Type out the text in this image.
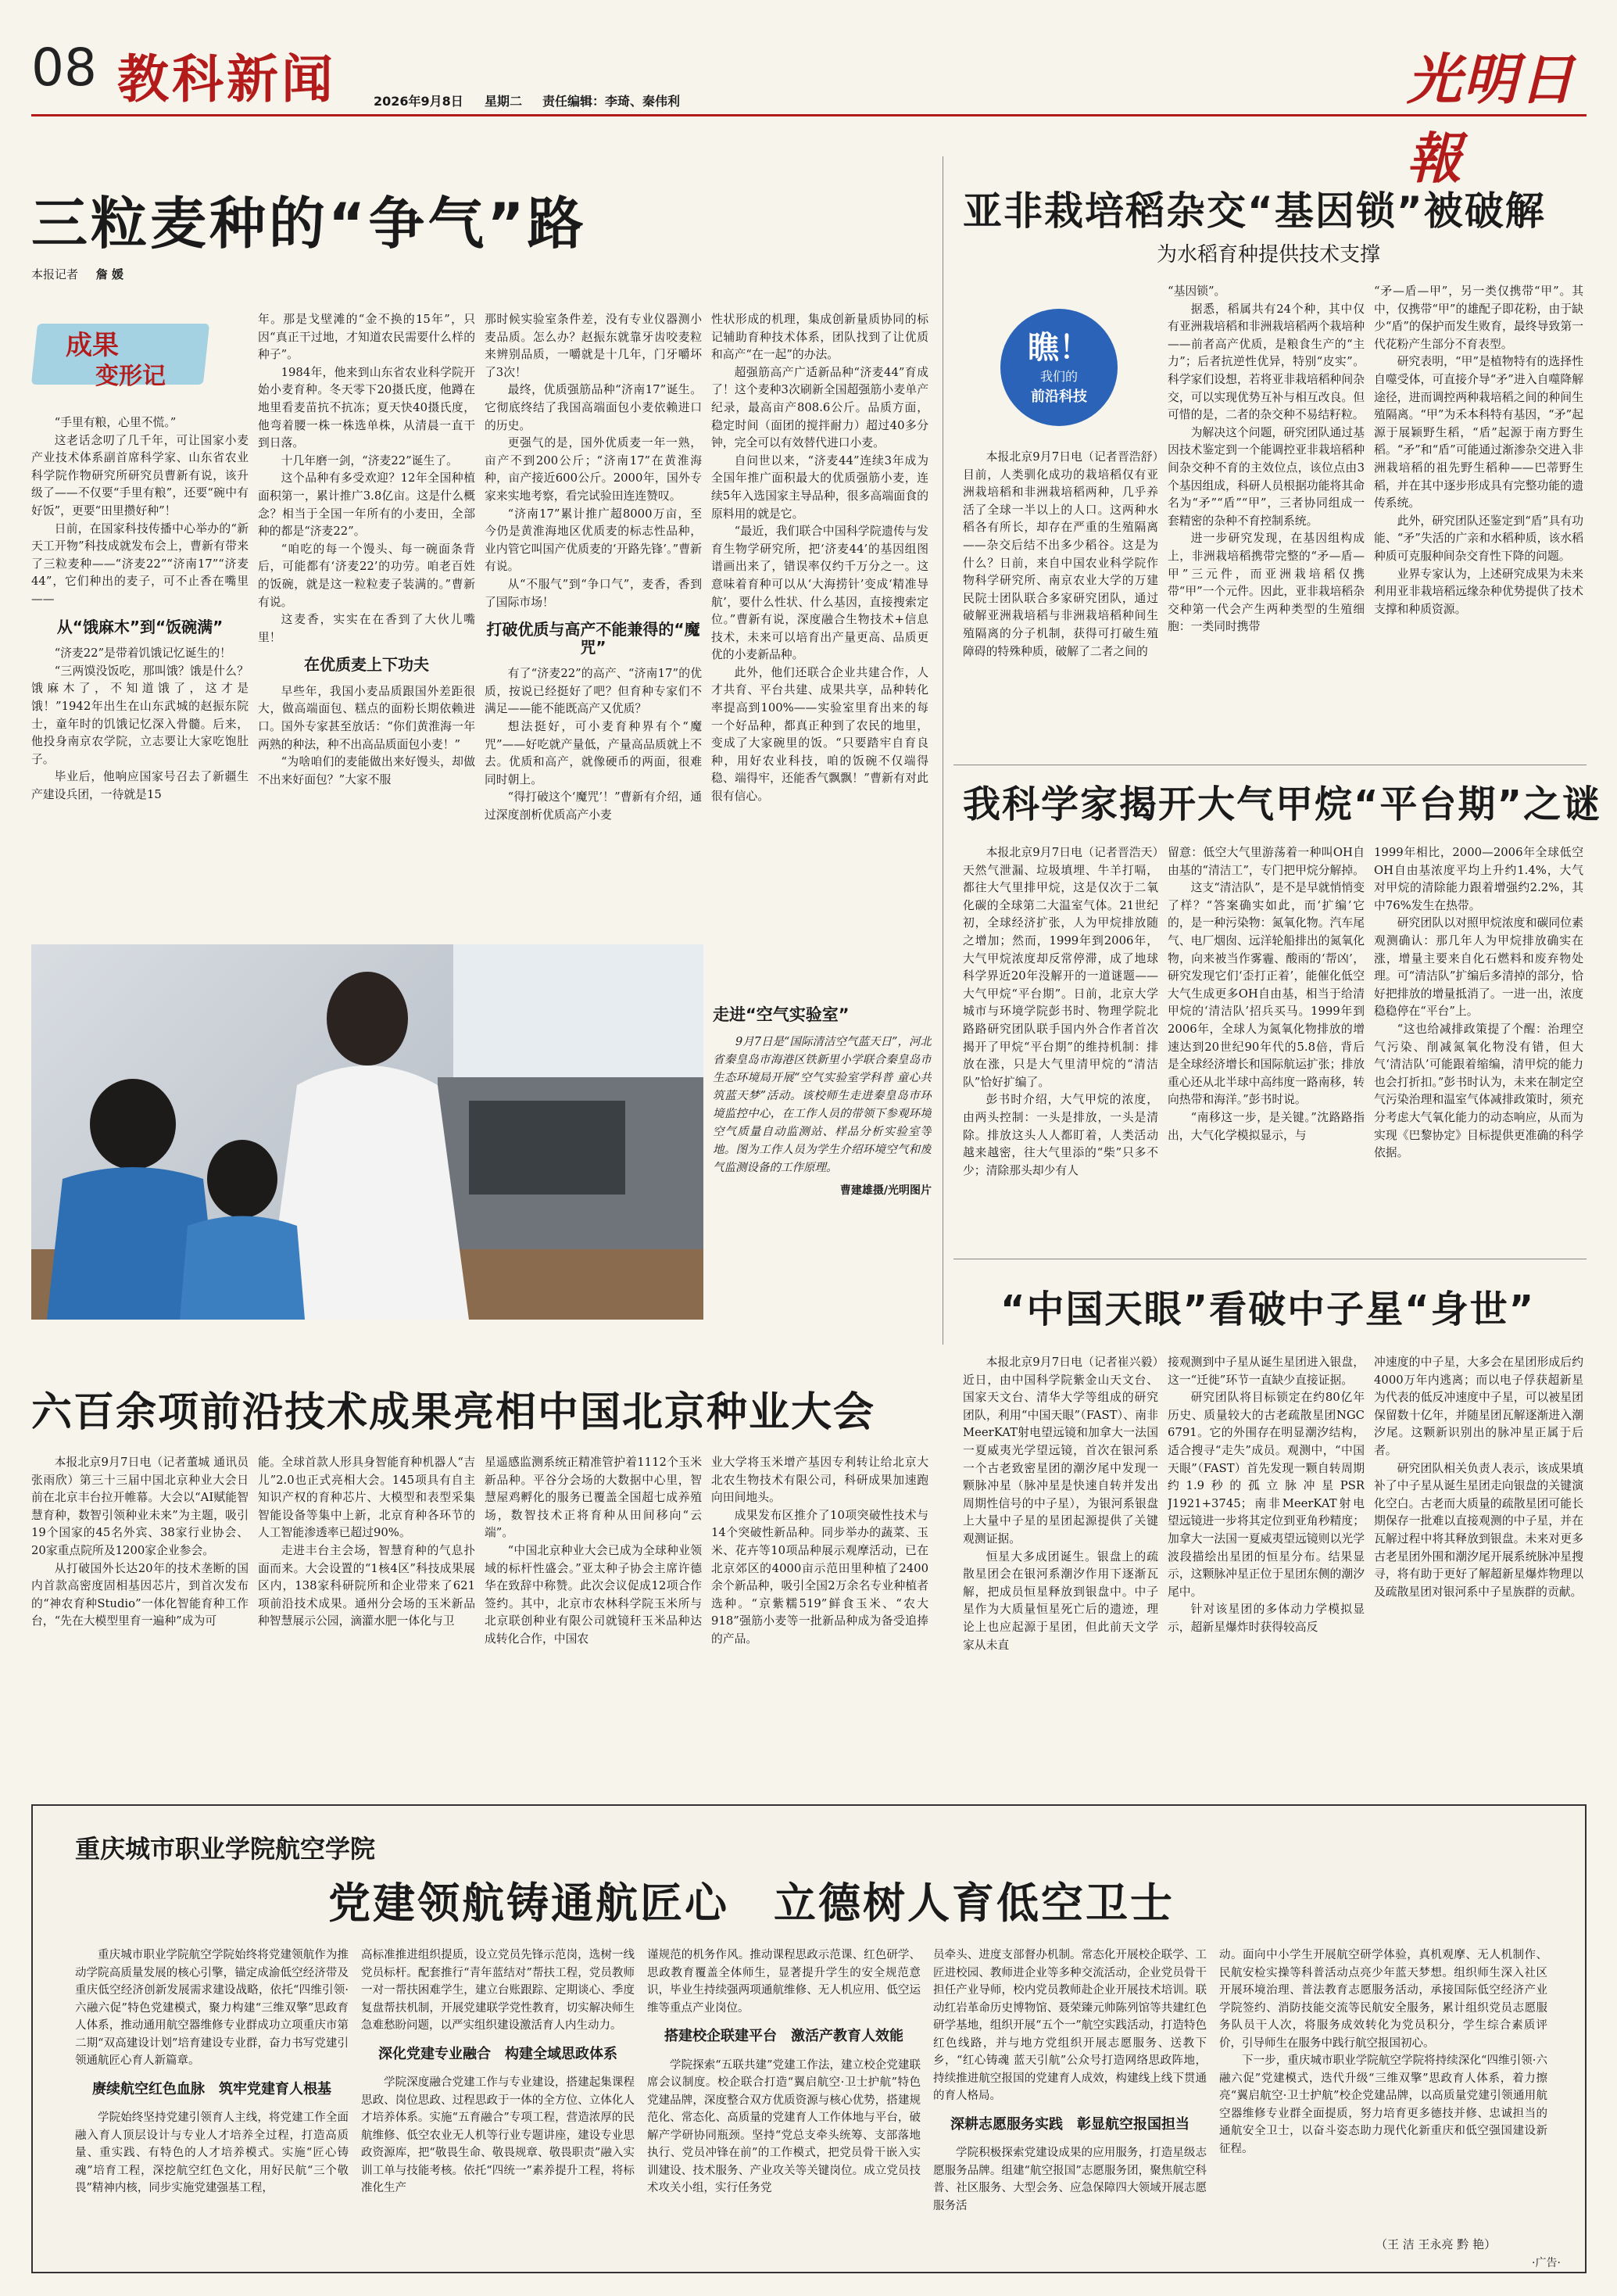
08 教科新闻	2026年9月8日 星期二 责任编辑：李琦、秦伟利	光明日報
三粒麦种的“争气”路
本报记者 詹 媛
成果
变形记

“手里有粮，心里不慌。”

这老话念叨了几千年，可让国家小麦产业技术体系副首席科学家、山东省农业科学院作物研究所研究员曹新有说，该升级了——不仅要“手里有粮”，还要“碗中有好饭”，更要“田里攒好种”！

日前，在国家科技传播中心举办的“新天工开物”科技成就发布会上，曹新有带来了三粒麦种——“济麦22”“济南17”“济麦44”，它们种出的麦子，可不止香在嘴里——

从“饿麻木”到“饭碗满”

“济麦22”是带着饥饿记忆诞生的！

“三两馍没饭吃，那叫饿？饿是什么？饿麻木了，不知道饿了，这才是饿！”1942年出生在山东武城的赵振东院士，童年时的饥饿记忆深入骨髓。后来，他投身南京农学院，立志要让大家吃饱肚子。

毕业后，他响应国家号召去了新疆生产建设兵团，一待就是15

年。那是戈壁滩的“金不换的15年”，只因“真正干过地，才知道农民需要什么样的种子”。

1984年，他来到山东省农业科学院开始小麦育种。冬天零下20摄氏度，他蹲在地里看麦苗抗不抗冻；夏天快40摄氏度，他弯着腰一株一株选单株，从清晨一直干到日落。

十几年磨一剑，“济麦22”诞生了。

这个品种有多受欢迎？12年全国种植面积第一，累计推广3.8亿亩。这是什么概念？相当于全国一年所有的小麦田，全部种的都是“济麦22”。

“咱吃的每一个馒头、每一碗面条背后，可能都有‘济麦22’的功劳。咱老百姓的饭碗，就是这一粒粒麦子装满的。”曹新有说。

这麦香，实实在在香到了大伙儿嘴里！

在优质麦上下功夫

早些年，我国小麦品质跟国外差距很大，做高端面包、糕点的面粉长期依赖进口。国外专家甚至放话：“你们黄淮海一年两熟的种法，种不出高品质面包小麦！”

“为啥咱们的麦能做出来好馒头，却做不出来好面包？”大家不服

那时候实验室条件差，没有专业仪器测小麦品质。怎么办？赵振东就靠牙齿咬麦粒来辨别品质，一嚼就是十几年，门牙嚼坏了3次！

最终，优质强筋品种“济南17”诞生。它彻底终结了我国高端面包小麦依赖进口的历史。

更强气的是，国外优质麦一年一熟，亩产不到200公斤；“济南17”在黄淮海种，亩产接近600公斤。2000年，国外专家来实地考察，看完试验田连连赞叹。

“济南17”累计推广超8000万亩，至今仍是黄淮海地区优质麦的标志性品种，业内管它叫国产优质麦的‘开路先锋’。”曹新有说。

从“不服气”到“争口气”，麦香，香到了国际市场！

打破优质与高产不能兼得的“魔咒”

有了“济麦22”的高产、“济南17”的优质，按说已经挺好了吧？但育种专家们不满足——能不能既高产又优质？

想法挺好，可小麦育种界有个“魔咒”——好吃就产量低，产量高品质就上不去。优质和高产，就像硬币的两面，很难同时朝上。

“得打破这个‘魔咒’！”曹新有介绍，通过深度剖析优质高产小麦

性状形成的机理，集成创新量质协同的标记辅助育种技术体系，团队找到了让优质和高产“在一起”的办法。

超强筋高产广适新品种“济麦44”育成了！这个麦种3次刷新全国超强筋小麦单产纪录，最高亩产808.6公斤。品质方面，稳定时间（面团的搅拌耐力）超过40多分钟，完全可以有效替代进口小麦。

自问世以来，“济麦44”连续3年成为全国年推广面积最大的优质强筋小麦，连续5年入选国家主导品种，很多高端面食的原料用的就是它。

“最近，我们联合中国科学院遗传与发育生物学研究所，把‘济麦44’的基因组图谱画出来了，错误率仅约千万分之一。这意味着育种可以从‘大海捞针’变成‘精准导航’，要什么性状、什么基因，直接搜索定位。”曹新有说，深度融合生物技术+信息技术，未来可以培育出产量更高、品质更优的小麦新品种。

此外，他们还联合企业共建合作，人才共育、平台共建、成果共享，品种转化率提高到100%——实验室里育出来的每一个好品种，都真正种到了农民的地里，变成了大家碗里的饭。“只要踏牢自育良种，用好农业科技，咱的饭碗不仅端得稳、端得牢，还能香气飘飘！”曹新有对此很有信心。

亚非栽培稻杂交“基因锁”被破解
为水稻育种提供技术支撑
瞧！
我们的
前沿科技

本报北京9月7日电（记者晋浩舒）目前，人类驯化成功的栽培稻仅有亚洲栽培稻和非洲栽培稻两种，几乎养活了全球一半以上的人口。这两种水稻各有所长，却存在严重的生殖隔离——杂交后结不出多少稻谷。这是为什么？日前，来自中国农业科学院作物科学研究所、南京农业大学的万建民院士团队联合多家研究团队，通过破解亚洲栽培稻与非洲栽培稻种间生殖隔离的分子机制，获得可打破生殖障碍的特殊种质，破解了二者之间的

“基因锁”。

据悉，稻属共有24个种，其中仅有亚洲栽培稻和非洲栽培稻两个栽培种——前者高产优质，是粮食生产的“主力”；后者抗逆性优异，特别“皮实”。科学家们设想，若将亚非栽培稻种间杂交，可以实现优势互补与相互改良。但可惜的是，二者的杂交种不易结籽粒。

为解决这个问题，研究团队通过基因技术鉴定到一个能调控亚非栽培稻种间杂交种不育的主效位点，该位点由3个基因组成，科研人员根据功能将其命名为“矛”“盾”“甲”，三者协同组成一套精密的杂种不育控制系统。

进一步研究发现，在基因组构成上，非洲栽培稻携带完整的“矛—盾—甲”三元件，而亚洲栽培稻仅携带“甲”一个元件。因此，亚非栽培稻杂交种第一代会产生两种类型的生殖细胞：一类同时携带

“矛—盾—甲”，另一类仅携带“甲”。其中，仅携带“甲”的雄配子即花粉，由于缺少“盾”的保护而发生败育，最终导致第一代花粉产生部分不育表型。

研究表明，“甲”是植物特有的选择性自噬受体，可直接介导“矛”进入自噬降解途径，进而调控两种栽培稻之间的种间生殖隔离。“甲”为禾本科特有基因，“矛”起源于展颖野生稻，“盾”起源于南方野生稻。“矛”和“盾”可能通过渐渗杂交进入非洲栽培稻的祖先野生稻种——巴蒂野生稻，并在其中逐步形成具有完整功能的遗传系统。

此外，研究团队还鉴定到“盾”具有功能、“矛”失活的广亲和水稻种质，该水稻种质可克服种间杂交育性下降的问题。

业界专家认为，上述研究成果为未来利用亚非栽培稻远缘杂种优势提供了技术支撑和种质资源。

我科学家揭开大气甲烷“平台期”之谜

本报北京9月7日电（记者晋浩天）天然气泄漏、垃圾填埋、牛羊打嗝，都往大气里排甲烷，这是仅次于二氧化碳的全球第二大温室气体。21世纪初，全球经济扩张，人为甲烷排放随之增加；然而，1999年到2006年，大气甲烷浓度却反常停滞，成了地球科学界近20年没解开的一道谜题——大气甲烷“平台期”。日前，北京大学城市与环境学院彭书时、物理学院北路路研究团队联手国内外合作者首次揭开了甲烷“平台期”的维持机制：排放在涨，只是大气里清甲烷的“清洁队”恰好扩编了。

彭书时介绍，大气甲烷的浓度，由两头控制：一头是排放，一头是清除。排放这头人人都盯着，人类活动越来越密，往大气里添的“柴”只多不少；清除那头却少有人

留意：低空大气里游荡着一种叫OH自由基的“清洁工”，专门把甲烷分解掉。

这支“清洁队”，是不是早就悄悄变了样？“答案确实如此，而‘扩编’它的，是一种污染物：氮氧化物。汽车尾气、电厂烟囱、远洋轮船排出的氮氧化物，向来被当作雾霾、酸雨的‘帮凶’，研究发现它们‘歪打正着’，能催化低空大气生成更多OH自由基，相当于给清甲烷的‘清洁队’招兵买马。1999年到2006年，全球人为氮氧化物排放的增速达到20世纪90年代的5.8倍，背后是全球经济增长和国际航运扩张；排放重心还从北半球中高纬度一路南移，转向热带和海洋。”彭书时说。

“南移这一步，是关键。”沈路路指出，大气化学模拟显示，与

1999年相比，2000—2006年全球低空OH自由基浓度平均上升约1.4%，大气对甲烷的清除能力跟着增强约2.2%，其中76%发生在热带。

研究团队以对照甲烷浓度和碳同位素观测确认：那几年人为甲烷排放确实在涨，增量主要来自化石燃料和废弃物处理。可“清洁队”扩编后多清掉的部分，恰好把排放的增量抵消了。一进一出，浓度稳稳停在“平台”上。

“这也给减排政策提了个醒：治理空气污染、削减氮氧化物没有错，但大气‘清洁队’可能跟着缩编，清甲烷的能力也会打折扣。”彭书时认为，未来在制定空气污染治理和温室气体减排政策时，须充分考虑大气氧化能力的动态响应，从而为实现《巴黎协定》目标提供更准确的科学依据。

“中国天眼”看破中子星“身世”

本报北京9月7日电（记者崔兴毅）近日，由中国科学院紫金山天文台、国家天文台、清华大学等组成的研究团队，利用“中国天眼”（FAST）、南非MeerKAT射电望远镜和加拿大一法国一夏威夷光学望远镜，首次在银河系一个古老致密星团的潮汐尾中发现一颗脉冲星（脉冲星是快速自转并发出周期性信号的中子星），为银河系银盘上大量中子星的星团起源提供了关键观测证据。

恒星大多成团诞生。银盘上的疏散星团会在银河系潮汐作用下逐渐瓦解，把成员恒星释放到银盘中。中子星作为大质量恒星死亡后的遗迹，理论上也应起源于星团，但此前天文学家从未直

接观测到中子星从诞生星团进入银盘，这一“迁徙”环节一直缺少直接证据。

研究团队将目标锁定在约80亿年历史、质量较大的古老疏散星团NGC 6791。它的外围存在明显潮汐结构，适合搜寻“走失”成员。观测中，“中国天眼”（FAST）首先发现一颗自转周期约1.9秒的孤立脉冲星PSR J1921+3745；南非MeerKAT射电望远镜进一步将其定位到亚角秒精度；加拿大一法国一夏威夷望远镜则以光学波段描绘出星团的恒星分布。结果显示，这颗脉冲星正位于星团东侧的潮汐尾中。

针对该星团的多体动力学模拟显示，超新星爆炸时获得较高反

冲速度的中子星，大多会在星团形成后约4000万年内逃离；而以电子俘获超新星为代表的低反冲速度中子星，可以被星团保留数十亿年，并随星团瓦解逐渐进入潮汐尾。这颗新识别出的脉冲星正属于后者。

研究团队相关负责人表示，该成果填补了中子星从诞生星团走向银盘的关键演化空白。古老而大质量的疏散星团可能长期保存一批难以直接观测的中子星，并在瓦解过程中将其释放到银盘。未来对更多古老星团外围和潮汐尾开展系统脉冲星搜寻，将有助于更好了解超新星爆炸物理以及疏散星团对银河系中子星族群的贡献。

走进“空气实验室”
9月7日是“国际清洁空气蓝天日”，河北省秦皇岛市海港区铁新里小学联合秦皇岛市生态环境局开展“空气实验室学科普 童心共筑蓝天梦”活动。该校师生走进秦皇岛市环境监控中心，在工作人员的带领下参观环境空气质量自动监测站、样品分析实验室等地。图为工作人员为学生介绍环境空气和废气监测设备的工作原理。
曹建雄摄/光明图片
六百余项前沿技术成果亮相中国北京种业大会

本报北京9月7日电（记者董城 通讯员张雨欣）第三十三届中国北京种业大会日前在北京丰台拉开帷幕。大会以“AI赋能智慧育种，数智引领种业未来”为主题，吸引19个国家的45名外宾、38家行业协会、20家重点院所及1200家企业参会。

从打破国外长达20年的技术垄断的国内首款高密度固相基因芯片，到首次发布的“神农育种Studio”一体化智能育种工作台，“先在大模型里育一遍种”成为可

能。全球首款人形具身智能育种机器人“吉儿”2.0也正式亮相大会。145项具有自主知识产权的育种芯片、大模型和表型采集智能设备等集中上新，北京育种各环节的人工智能渗透率已超过90%。

走进丰台主会场，智慧育种的气息扑面而来。大会设置的“1核4区”科技成果展区内，138家科研院所和企业带来了621项前沿技术成果。通州分会场的玉米新品种智慧展示公园，滴灌水肥一体化与卫

星遥感监测系统正精准管护着1112个玉米新品种。平谷分会场的大数据中心里，智慧屋鸡孵化的服务已覆盖全国超七成养殖场，数智技术正将育种从田间移向“云端”。

“中国北京种业大会已成为全球种业领域的标杆性盛会。”亚太种子协会主席许德华在致辞中称赞。此次会议促成12项合作签约。其中，北京市农林科学院玉米所与北京联创种业有限公司就镜秆玉米品种达成转化合作，中国农

业大学将玉米增产基因专利转让给北京大北农生物技术有限公司，科研成果加速跑向田间地头。

成果发布区推介了10项突破性技术与14个突破性新品种。同步举办的蔬菜、玉米、花卉等10项品种展示观摩活动，已在北京郊区的4000亩示范田里种植了2400余个新品种，吸引全国2万余名专业种植者选种。“京紫糯519”鲜食玉米、“农大918”强筋小麦等一批新品种成为备受追捧的产品。

重庆城市职业学院航空学院
党建领航铸通航匠心　立德树人育低空卫士

重庆城市职业学院航空学院始终将党建领航作为推动学院高质量发展的核心引擎，锚定成渝低空经济带及重庆低空经济创新发展需求建设战略，依托“四维引领·六融六促”特色党建模式，聚力构建“三维双擎”思政育人体系，推动通用航空器维修专业群成功立项重庆市第二期“双高建设计划”培育建设专业群，奋力书写党建引领通航匠心育人新篇章。

赓续航空红色血脉　筑牢党建育人根基

学院始终坚持党建引领育人主线，将党建工作全面融入育人顶层设计与专业人才培养全过程，打造高质量、重实践、有特色的人才培养模式。实施“匠心铸魂”培育工程，深挖航空红色文化，用好民航“三个敬畏”精神内核，同步实施党建强基工程，

高标准推进组织提质，设立党员先锋示范岗，选树一线党员标杆。配套推行“青年蓝结对”帮扶工程，党员教师一对一帮扶困难学生，建立台账跟踪、定期谈心、季度复盘帮扶机制，开展党建联学党性教育，切实解决师生急难愁盼问题，以严实组织建设激活育人内生动力。

深化党建专业融合　构建全域思政体系

学院深度融合党建工作与专业建设，搭建起集课程思政、岗位思政、过程思政于一体的全方位、立体化人才培养体系。实施“五育融合”专项工程，营造浓厚的民航维修、低空农业无人机等行业专题讲座，建设专业思政资源库，把“敬畏生命、敬畏规章、敬畏职责”融入实训工单与技能考核。依托“四统一”素养提升工程，将标准化生产

谨规范的机务作风。推动课程思政示范课、红色研学、思政教育覆盖全体师生，显著提升学生的安全规范意识，毕业生持续强两项通航维修、无人机应用、低空运维等重点产业岗位。

搭建校企联建平台　激活产教育人效能

学院探索“五联共建”党建工作法，建立校企党建联席会议制度。校企联合打造“翼启航空·卫士护航”特色党建品牌，深度整合双方优质资源与核心优势，搭建规范化、常态化、高质量的党建育人工作体地与平台，破解产学研协同瓶颈。坚持“党总支牵头统筹、支部落地执行、党员冲锋在前”的工作模式，把党员骨干嵌入实训建设、技术服务、产业攻关等关键岗位。成立党员技术攻关小组，实行任务党

员牵头、进度支部督办机制。常态化开展校企联学、工匠进校园、教师进企业等多种交流活动，企业党员骨干担任产业导师，校内党员教师赴企业开展技术培训。联动红岩革命历史博物馆、聂荣臻元帅陈列馆等共建红色研学基地，组织开展“五个一”航空实践活动，打造特色红色线路，并与地方党组织开展志愿服务、送教下乡，“红心铸魂 蓝天引航”公众号打造网络思政阵地，持续推进航空报国的党建育人成效，构建线上线下贯通的育人格局。

深耕志愿服务实践　彰显航空报国担当

学院积极探索党建设成果的应用服务，打造星级志愿服务品牌。组建“航空报国”志愿服务团，聚焦航空科普、社区服务、大型会务、应急保障四大领域开展志愿服务活

动。面向中小学生开展航空研学体验，真机观摩、无人机制作、民航安检实操等科普活动点亮少年蓝天梦想。组织师生深入社区开展环境治理、普法教育志愿服务活动，承接国际低空经济产业学院签约、消防技能交流等民航安全服务，累计组织党员志愿服务队员干人次，将服务成效转化为党员积分，学生综合素质评价，引导师生在服务中践行航空报国初心。

下一步，重庆城市职业学院航空学院将持续深化“四维引领·六融六促”党建模式，迭代升级“三维双擎”思政育人体系，着力擦亮“翼启航空·卫士护航”校企党建品牌，以高质量党建引领通用航空器维修专业群全面提质，努力培育更多德技并修、忠诚担当的通航安全卫士，以奋斗姿态助力现代化新重庆和低空强国建设新征程。

（王 洁 王永亮 黔 艳）
·广告·
